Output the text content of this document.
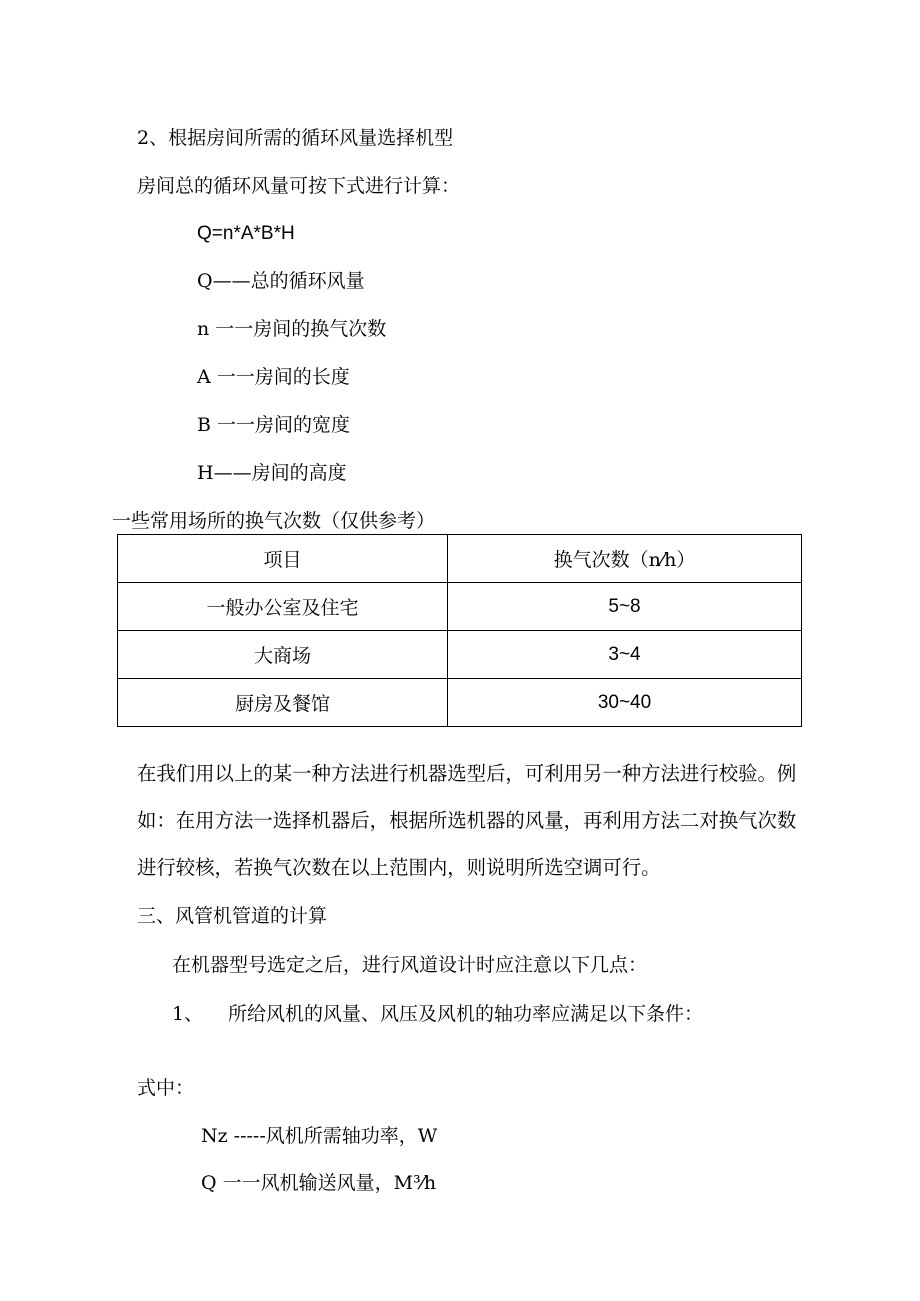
2、根据房间所需的循环风量选择机型
房间总的循环风量可按下式进行计算：
Q=n*A*B*H
Q——总的循环风量
n 一一房间的换气次数
A 一一房间的长度
B 一一房间的宽度
H——房间的高度
一些常用场所的换气次数（仅供参考）
项目	换气次数（n⁄h）
一般办公室及住宅	5~8
大商场	3~4
厨房及餐馆	30~40
在我们用以上的某一种方法进行机器选型后，可利用另一种方法进行校验。例
如：在用方法一选择机器后，根据所选机器的风量，再利用方法二对换气次数
进行较核，若换气次数在以上范围内，则说明所选空调可行。
三、风管机管道的计算
在机器型号选定之后，进行风道设计时应注意以下几点：
1、 所给风机的风量、风压及风机的轴功率应满足以下条件：
式中：
Nz -----风机所需轴功率，W
Q 一一风机输送风量，M³⁄h
